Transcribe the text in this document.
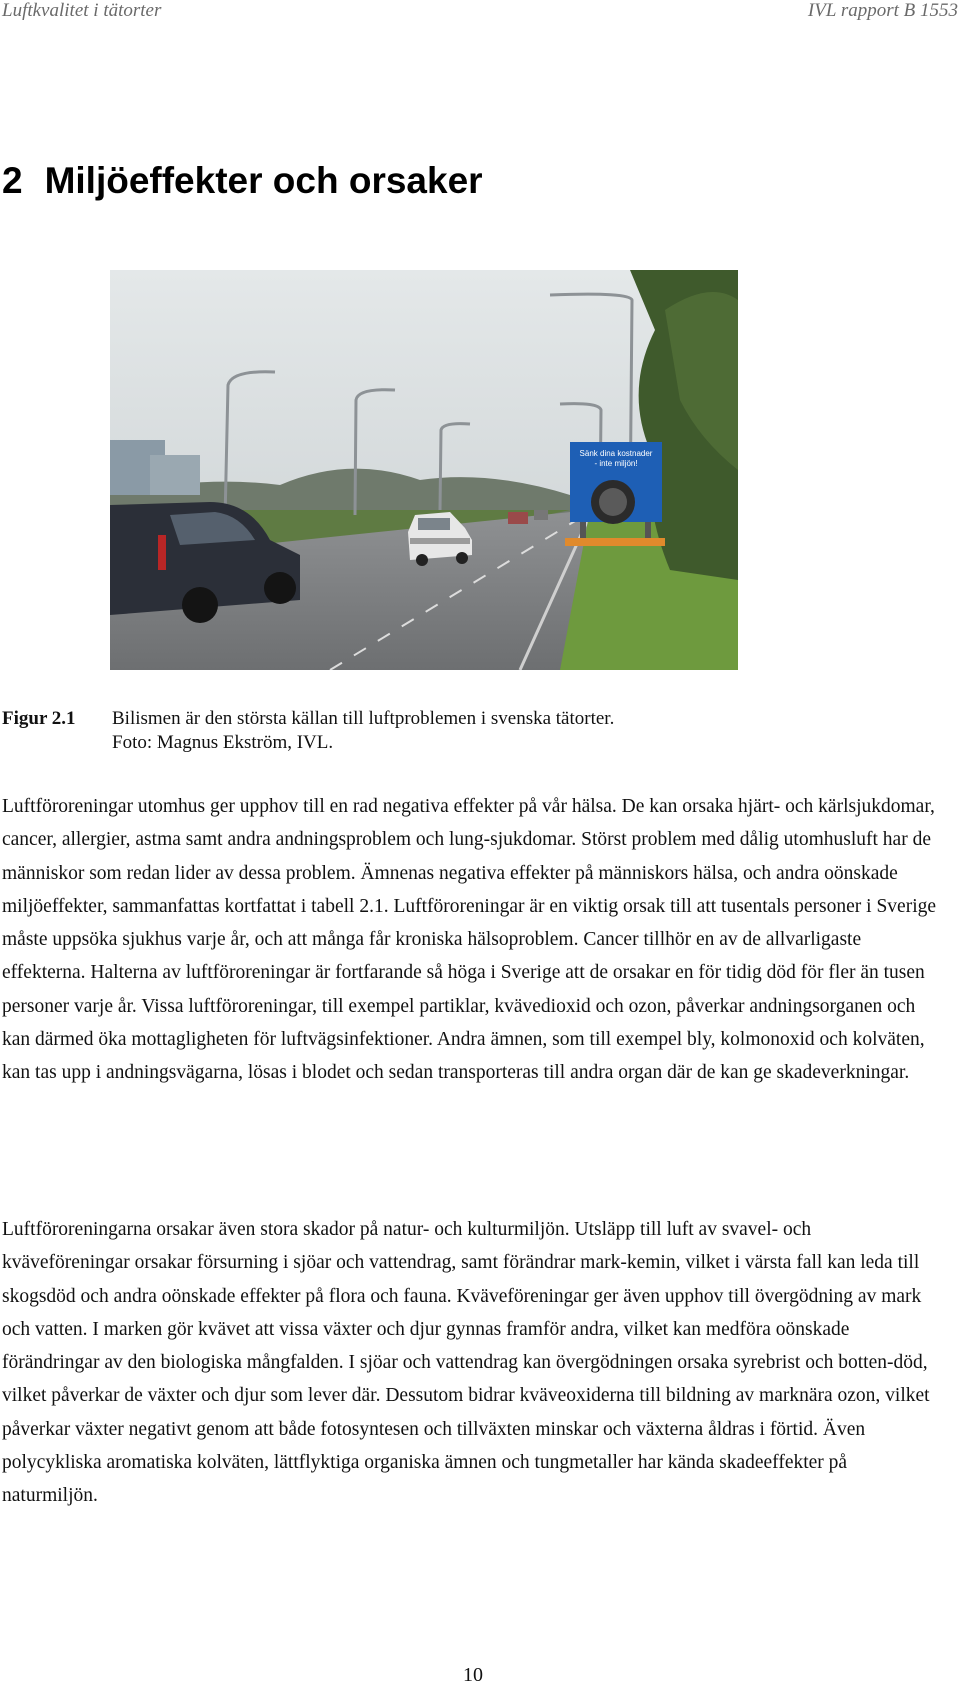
Luftkvalitet i tätorter	IVL rapport B 1553
2 Miljöeffekter och orsaker
Sänk dina kostnader
- inte miljön!
Figur 2.1 Bilismen är den största källan till luftproblemen i svenska tätorter.
Foto: Magnus Ekström, IVL.

Luftföroreningar utomhus ger upphov till en rad negativa effekter på vår hälsa. De kan orsaka hjärt- och kärlsjukdomar, cancer, allergier, astma samt andra andningsproblem och lung-sjukdomar. Störst problem med dålig utomhusluft har de människor som redan lider av dessa problem. Ämnenas negativa effekter på människors hälsa, och andra oönskade miljöeffekter, sammanfattas kortfattat i tabell 2.1. Luftföroreningar är en viktig orsak till att tusentals personer i Sverige måste uppsöka sjukhus varje år, och att många får kroniska hälsoproblem. Cancer tillhör en av de allvarligaste effekterna. Halterna av luftföroreningar är fortfarande så höga i Sverige att de orsakar en för tidig död för fler än tusen personer varje år. Vissa luftföroreningar, till exempel partiklar, kvävedioxid och ozon, påverkar andningsorganen och kan därmed öka mottagligheten för luftvägsinfektioner. Andra ämnen, som till exempel bly, kolmonoxid och kolväten, kan tas upp i andningsvägarna, lösas i blodet och sedan transporteras till andra organ där de kan ge skadeverkningar.

Luftföroreningarna orsakar även stora skador på natur- och kulturmiljön. Utsläpp till luft av svavel- och kväveföreningar orsakar försurning i sjöar och vattendrag, samt förändrar mark-kemin, vilket i värsta fall kan leda till skogsdöd och andra oönskade effekter på flora och fauna. Kväveföreningar ger även upphov till övergödning av mark och vatten. I marken gör kvävet att vissa växter och djur gynnas framför andra, vilket kan medföra oönskade förändringar av den biologiska mångfalden. I sjöar och vattendrag kan övergödningen orsaka syrebrist och botten-död, vilket påverkar de växter och djur som lever där. Dessutom bidrar kväveoxiderna till bildning av marknära ozon, vilket påverkar växter negativt genom att både fotosyntesen och tillväxten minskar och växterna åldras i förtid. Även polycykliska aromatiska kolväten, lättflyktiga organiska ämnen och tungmetaller har kända skadeeffekter på naturmiljön.

10
